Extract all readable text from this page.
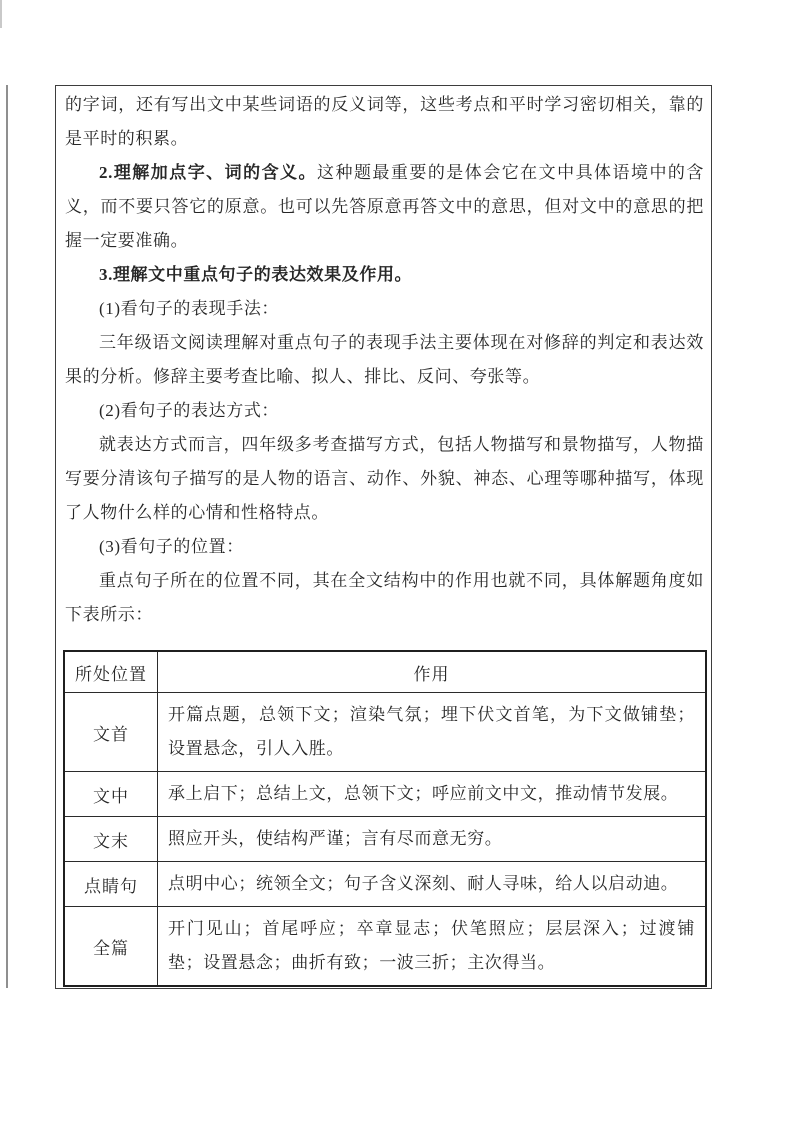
的字词，还有写出文中某些词语的反义词等，这些考点和平时学习密切相关，靠的是平时的积累。

2.理解加点字、词的含义。这种题最重要的是体会它在文中具体语境中的含义，而不要只答它的原意。也可以先答原意再答文中的意思，但对文中的意思的把握一定要准确。

3.理解文中重点句子的表达效果及作用。

(1)看句子的表现手法：

三年级语文阅读理解对重点句子的表现手法主要体现在对修辞的判定和表达效果的分析。修辞主要考查比喻、拟人、排比、反问、夸张等。

(2)看句子的表达方式：

就表达方式而言，四年级多考查描写方式，包括人物描写和景物描写，人物描写要分清该句子描写的是人物的语言、动作、外貌、神态、心理等哪种描写，体现了人物什么样的心情和性格特点。

(3)看句子的位置：

重点句子所在的位置不同，其在全文结构中的作用也就不同，具体解题角度如下表所示：

所处位置	作用
文首	开篇点题，总领下文；渲染气氛；埋下伏文首笔，为下文做铺垫；设置悬念，引人入胜。
文中	承上启下；总结上文，总领下文；呼应前文中文，推动情节发展。
文末	照应开头，使结构严谨；言有尽而意无穷。
点睛句	点明中心；统领全文；句子含义深刻、耐人寻味，给人以启动迪。
全篇	开门见山；首尾呼应；卒章显志；伏笔照应；层层深入；过渡铺垫；设置悬念；曲折有致；一波三折；主次得当。
